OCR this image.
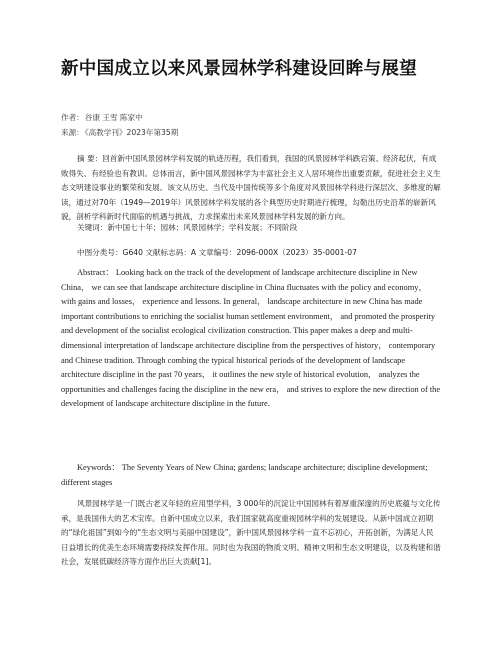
新中国成立以来风景园林学科建设回眸与展望
作者：谷康 王雪 陈家中
来源：《高教学刊》2023年第35期

摘 要：回首新中国风景园林学科发展的轨迹历程，我们看到，我国的风景园林学科跌宕策、经济起伏，有成败得失、有经验也有教训。总体而言，新中国风景园林学为丰富社会主义人居环境作出重要贡献，促进社会主义生态文明建设事业的繁荣和发展。该文从历史、当代及中国传统等多个角度对风景园林学科进行深层次、多维度的解读，通过对70年（1949—2019年）风景园林学科发展的各个典型历史时期进行梳理，勾勒出历史沿革的崭新风貌，剖析学科新时代面临的机遇与挑战，力求探索出未来风景园林学科发展的新方向。

关键词：新中国七十年；园林；风景园林学；学科发展；不同阶段

中图分类号：G640 文献标志码：A 文章编号：2096-000X（2023）35-0001-07

Abstract： Looking back on the track of the development of landscape architecture discipline in New China， we can see that landscape architecture discipline in China fluctuates with the policy and economy， with gains and losses， experience and lessons. In general， landscape architecture in new China has made important contributions to enriching the socialist human settlement environment， and promoted the prosperity and development of the socialist ecological civilization construction. This paper makes a deep and multi-dimensional interpretation of landscape architecture discipline from the perspectives of history， contemporary and Chinese tradition. Through combing the typical historical periods of the development of landscape architecture discipline in the past 70 years， it outlines the new style of historical evolution， analyzes the opportunities and challenges facing the discipline in the new era， and strives to explore the new direction of the development of landscape architecture discipline in the future.

Keywords： The Seventy Years of New China; gardens; landscape architecture; discipline development; different stages

风景园林学是一门既古老又年轻的应用型学科，3 000年的沉淀让中国园林有着厚重深邃的历史底蕴与文化传承，是我国伟大的艺术宝库。自新中国成立以来，我们国家就高度重视园林学科的发展建设。从新中国成立初期的“绿化祖国”到如今的“生态文明与美丽中国建设”，新中国风景园林学科一直不忘初心，开拓创新，为满足人民日益增长的优美生态环境需要持续发挥作用。同时也为我国的物质文明、精神文明和生态文明建设，以及构建和谐社会，发展低碳经济等方面作出巨大贡献[1]。
